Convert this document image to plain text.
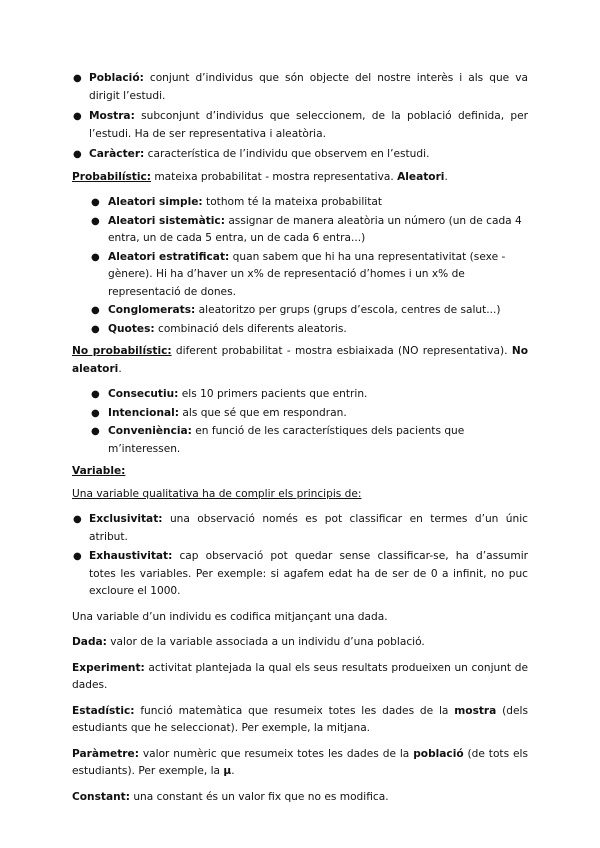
● Població: conjunt d’individus que són objecte del nostre interès i als que va dirigit l’estudi.
● Mostra: subconjunt d’individus que seleccionem, de la població definida, per l’estudi. Ha de ser representativa i aleatòria.
● Caràcter: característica de l’individu que observem en l’estudi.

Probabilístic: mateixa probabilitat - mostra representativa. Aleatori.

● Aleatori simple: tothom té la mateixa probabilitat
● Aleatori sistemàtic: assignar de manera aleatòria un número (un de cada 4 entra, un de cada 5 entra, un de cada 6 entra...)
● Aleatori estratificat: quan sabem que hi ha una representativitat (sexe - gènere). Hi ha d’haver un x% de representació d’homes i un x% de representació de dones.
● Conglomerats: aleatoritzo per grups (grups d’escola, centres de salut...)
● Quotes: combinació dels diferents aleatoris.

No probabilístic: diferent probabilitat - mostra esbiaixada (NO representativa). No aleatori.

● Consecutiu: els 10 primers pacients que entrin.
● Intencional: als que sé que em respondran.
● Conveniència: en funció de les característiques dels pacients que m’interessen.

Variable:

Una variable qualitativa ha de complir els principis de:

● Exclusivitat: una observació només es pot classificar en termes d’un únic atribut.
● Exhaustivitat: cap observació pot quedar sense classificar-se, ha d’assumir totes les variables. Per exemple: si agafem edat ha de ser de 0 a infinit, no puc excloure el 1000.

Una variable d’un individu es codifica mitjançant una dada.

Dada: valor de la variable associada a un individu d’una població.

Experiment: activitat plantejada la qual els seus resultats produeixen un conjunt de dades.

Estadístic: funció matemàtica que resumeix totes les dades de la mostra (dels estudiants que he seleccionat). Per exemple, la mitjana.

Paràmetre: valor numèric que resumeix totes les dades de la població (de tots els estudiants). Per exemple, la μ.

Constant: una constant és un valor fix que no es modifica.
